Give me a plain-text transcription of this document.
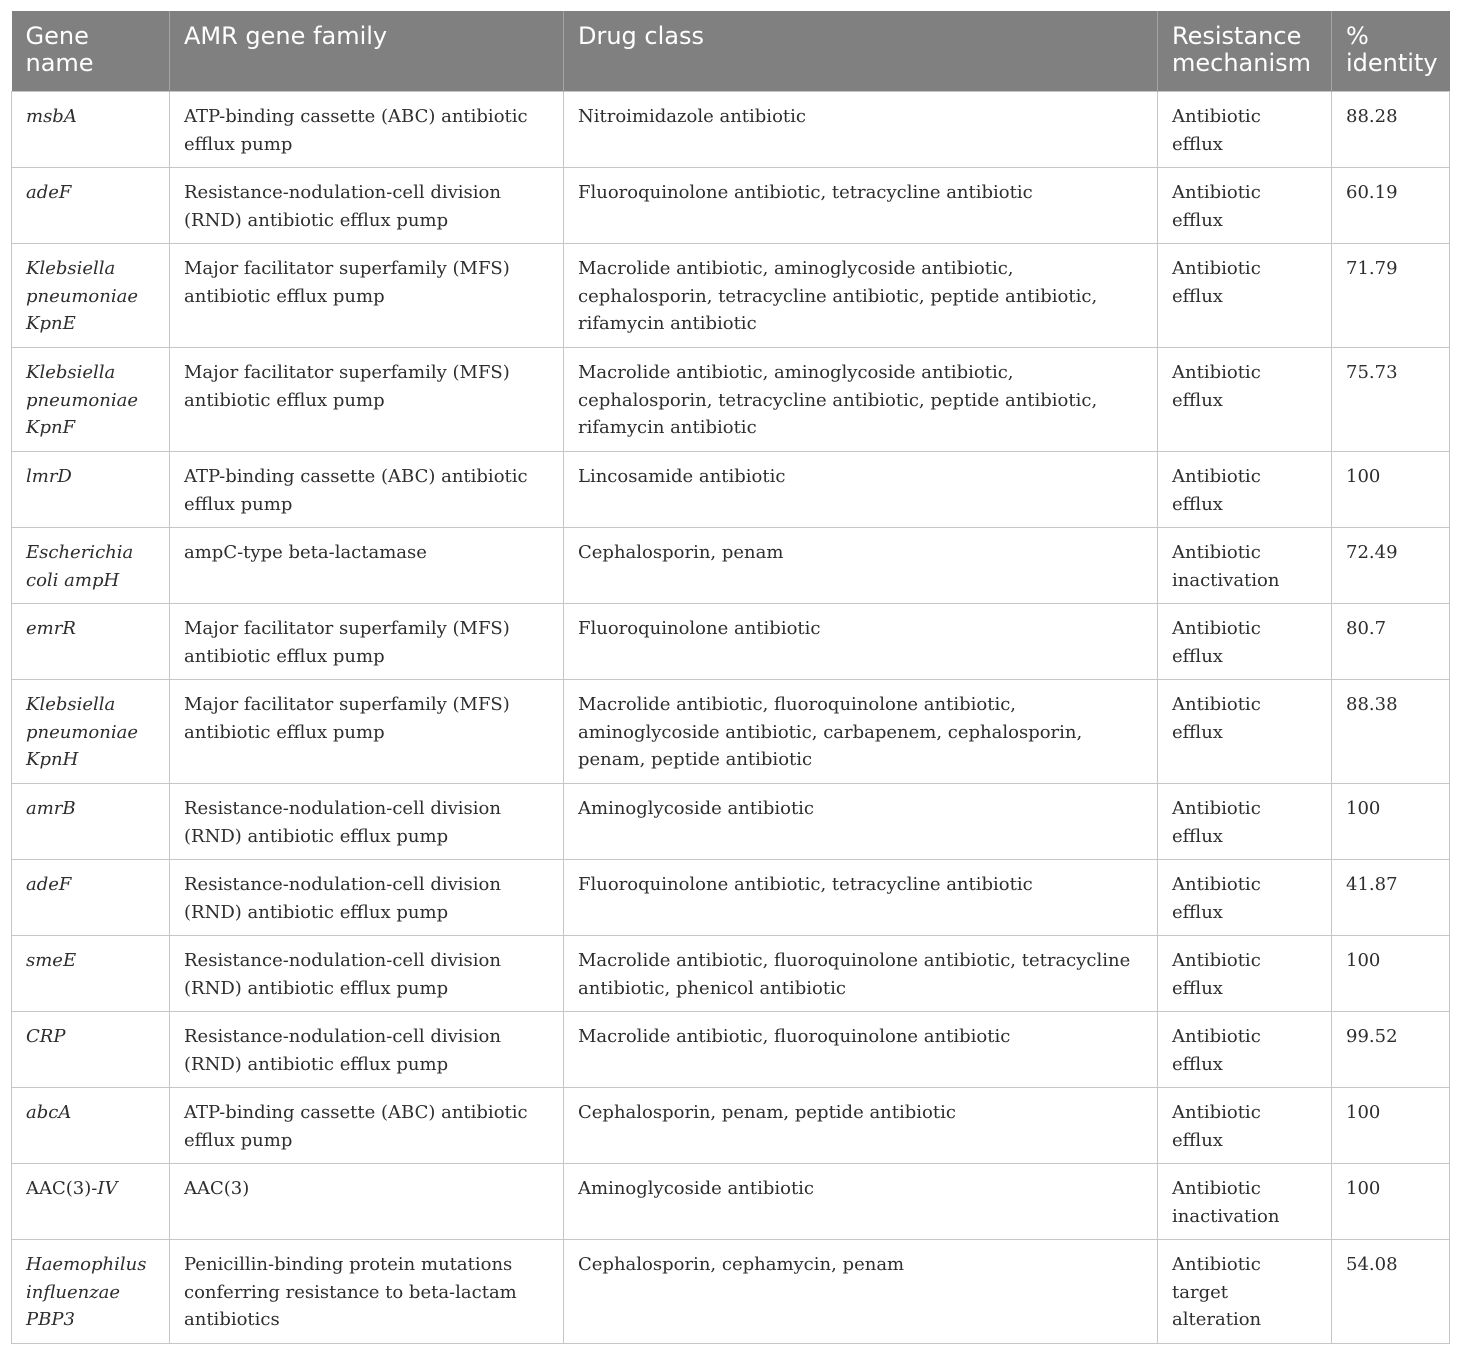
Gene name	AMR gene family	Drug class	Resistance mechanism	% identity
msbA	ATP-binding cassette (ABC) antibiotic efflux pump	Nitroimidazole antibiotic	Antibiotic efflux	88.28
adeF	Resistance-nodulation-cell division (RND) antibiotic efflux pump	Fluoroquinolone antibiotic, tetracycline antibiotic	Antibiotic efflux	60.19
Klebsiella pneumoniae KpnE	Major facilitator superfamily (MFS) antibiotic efflux pump	Macrolide antibiotic, aminoglycoside antibiotic, cephalosporin, tetracycline antibiotic, peptide antibiotic, rifamycin antibiotic	Antibiotic efflux	71.79
Klebsiella pneumoniae KpnF	Major facilitator superfamily (MFS) antibiotic efflux pump	Macrolide antibiotic, aminoglycoside antibiotic, cephalosporin, tetracycline antibiotic, peptide antibiotic, rifamycin antibiotic	Antibiotic efflux	75.73
lmrD	ATP-binding cassette (ABC) antibiotic efflux pump	Lincosamide antibiotic	Antibiotic efflux	100
Escherichia coli ampH	ampC-type beta-lactamase	Cephalosporin, penam	Antibiotic inactivation	72.49
emrR	Major facilitator superfamily (MFS) antibiotic efflux pump	Fluoroquinolone antibiotic	Antibiotic efflux	80.7
Klebsiella pneumoniae KpnH	Major facilitator superfamily (MFS) antibiotic efflux pump	Macrolide antibiotic, fluoroquinolone antibiotic, aminoglycoside antibiotic, carbapenem, cephalosporin, penam, peptide antibiotic	Antibiotic efflux	88.38
amrB	Resistance-nodulation-cell division (RND) antibiotic efflux pump	Aminoglycoside antibiotic	Antibiotic efflux	100
adeF	Resistance-nodulation-cell division (RND) antibiotic efflux pump	Fluoroquinolone antibiotic, tetracycline antibiotic	Antibiotic efflux	41.87
smeE	Resistance-nodulation-cell division (RND) antibiotic efflux pump	Macrolide antibiotic, fluoroquinolone antibiotic, tetracycline antibiotic, phenicol antibiotic	Antibiotic efflux	100
CRP	Resistance-nodulation-cell division (RND) antibiotic efflux pump	Macrolide antibiotic, fluoroquinolone antibiotic	Antibiotic efflux	99.52
abcA	ATP-binding cassette (ABC) antibiotic efflux pump	Cephalosporin, penam, peptide antibiotic	Antibiotic efflux	100
AAC(3)-IV	AAC(3)	Aminoglycoside antibiotic	Antibiotic inactivation	100
Haemophilus influenzae PBP3	Penicillin-binding protein mutations conferring resistance to beta-lactam antibiotics	Cephalosporin, cephamycin, penam	Antibiotic target alteration	54.08
